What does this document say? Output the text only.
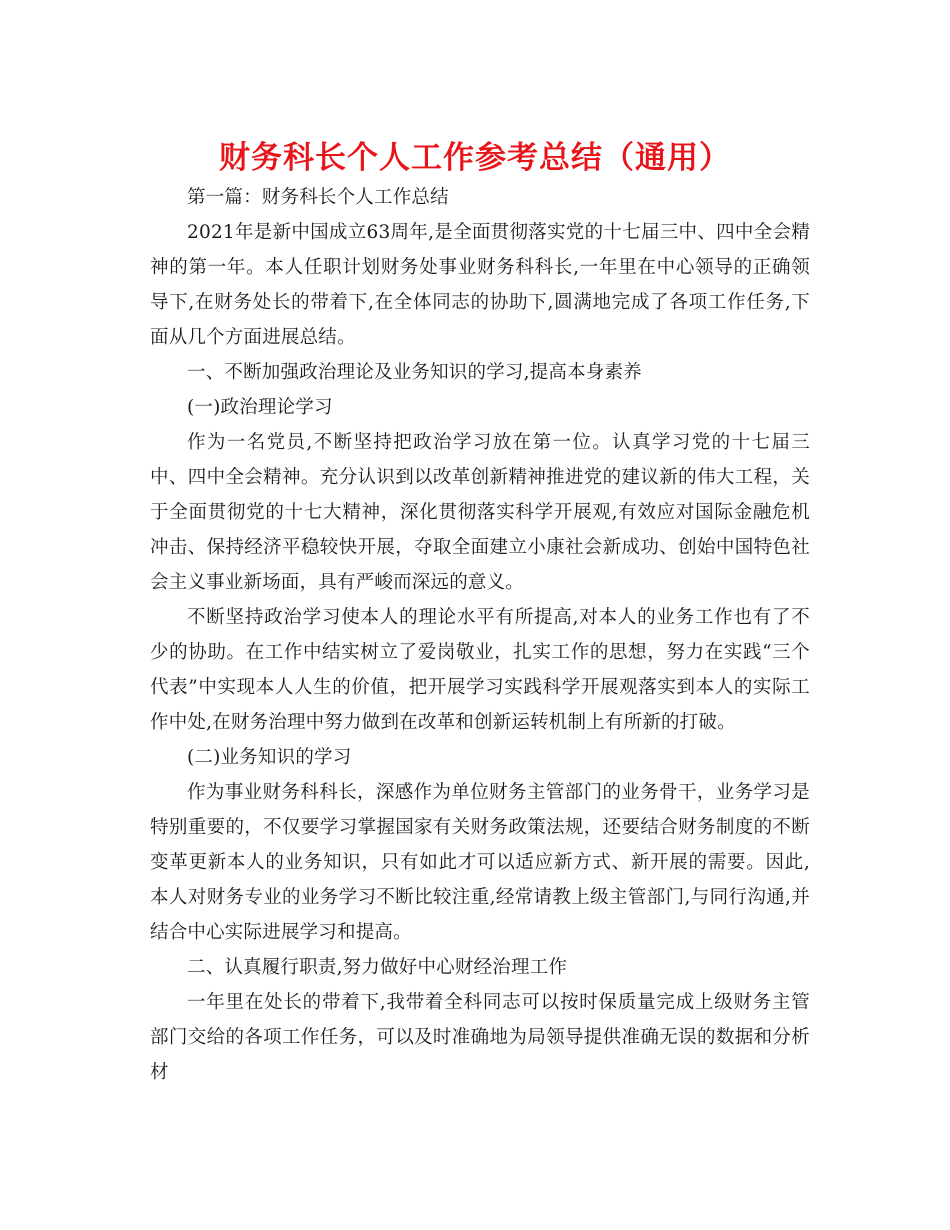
财务科长个人工作参考总结（通用）

第一篇：财务科长个人工作总结

2021年是新中国成立63周年,是全面贯彻落实党的十七届三中、四中全会精神的第一年。本人任职计划财务处事业财务科科长,一年里在中心领导的正确领导下,在财务处长的带着下,在全体同志的协助下,圆满地完成了各项工作任务,下面从几个方面进展总结。

一、不断加强政治理论及业务知识的学习,提高本身素养

(一)政治理论学习

作为一名党员,不断坚持把政治学习放在第一位。认真学习党的十七届三中、四中全会精神。充分认识到以改革创新精神推进党的建议新的伟大工程，关于全面贯彻党的十七大精神，深化贯彻落实科学开展观,有效应对国际金融危机冲击、保持经济平稳较快开展，夺取全面建立小康社会新成功、创始中国特色社会主义事业新场面，具有严峻而深远的意义。

不断坚持政治学习使本人的理论水平有所提高,对本人的业务工作也有了不少的协助。在工作中结实树立了爱岗敬业，扎实工作的思想，努力在实践“三个代表”中实现本人人生的价值，把开展学习实践科学开展观落实到本人的实际工作中处,在财务治理中努力做到在改革和创新运转机制上有所新的打破。

(二)业务知识的学习

作为事业财务科科长，深感作为单位财务主管部门的业务骨干，业务学习是特别重要的，不仅要学习掌握国家有关财务政策法规，还要结合财务制度的不断变革更新本人的业务知识，只有如此才可以适应新方式、新开展的需要。因此,本人对财务专业的业务学习不断比较注重,经常请教上级主管部门,与同行沟通,并结合中心实际进展学习和提高。

二、认真履行职责,努力做好中心财经治理工作

一年里在处长的带着下,我带着全科同志可以按时保质量完成上级财务主管部门交给的各项工作任务，可以及时准确地为局领导提供准确无误的数据和分析材
